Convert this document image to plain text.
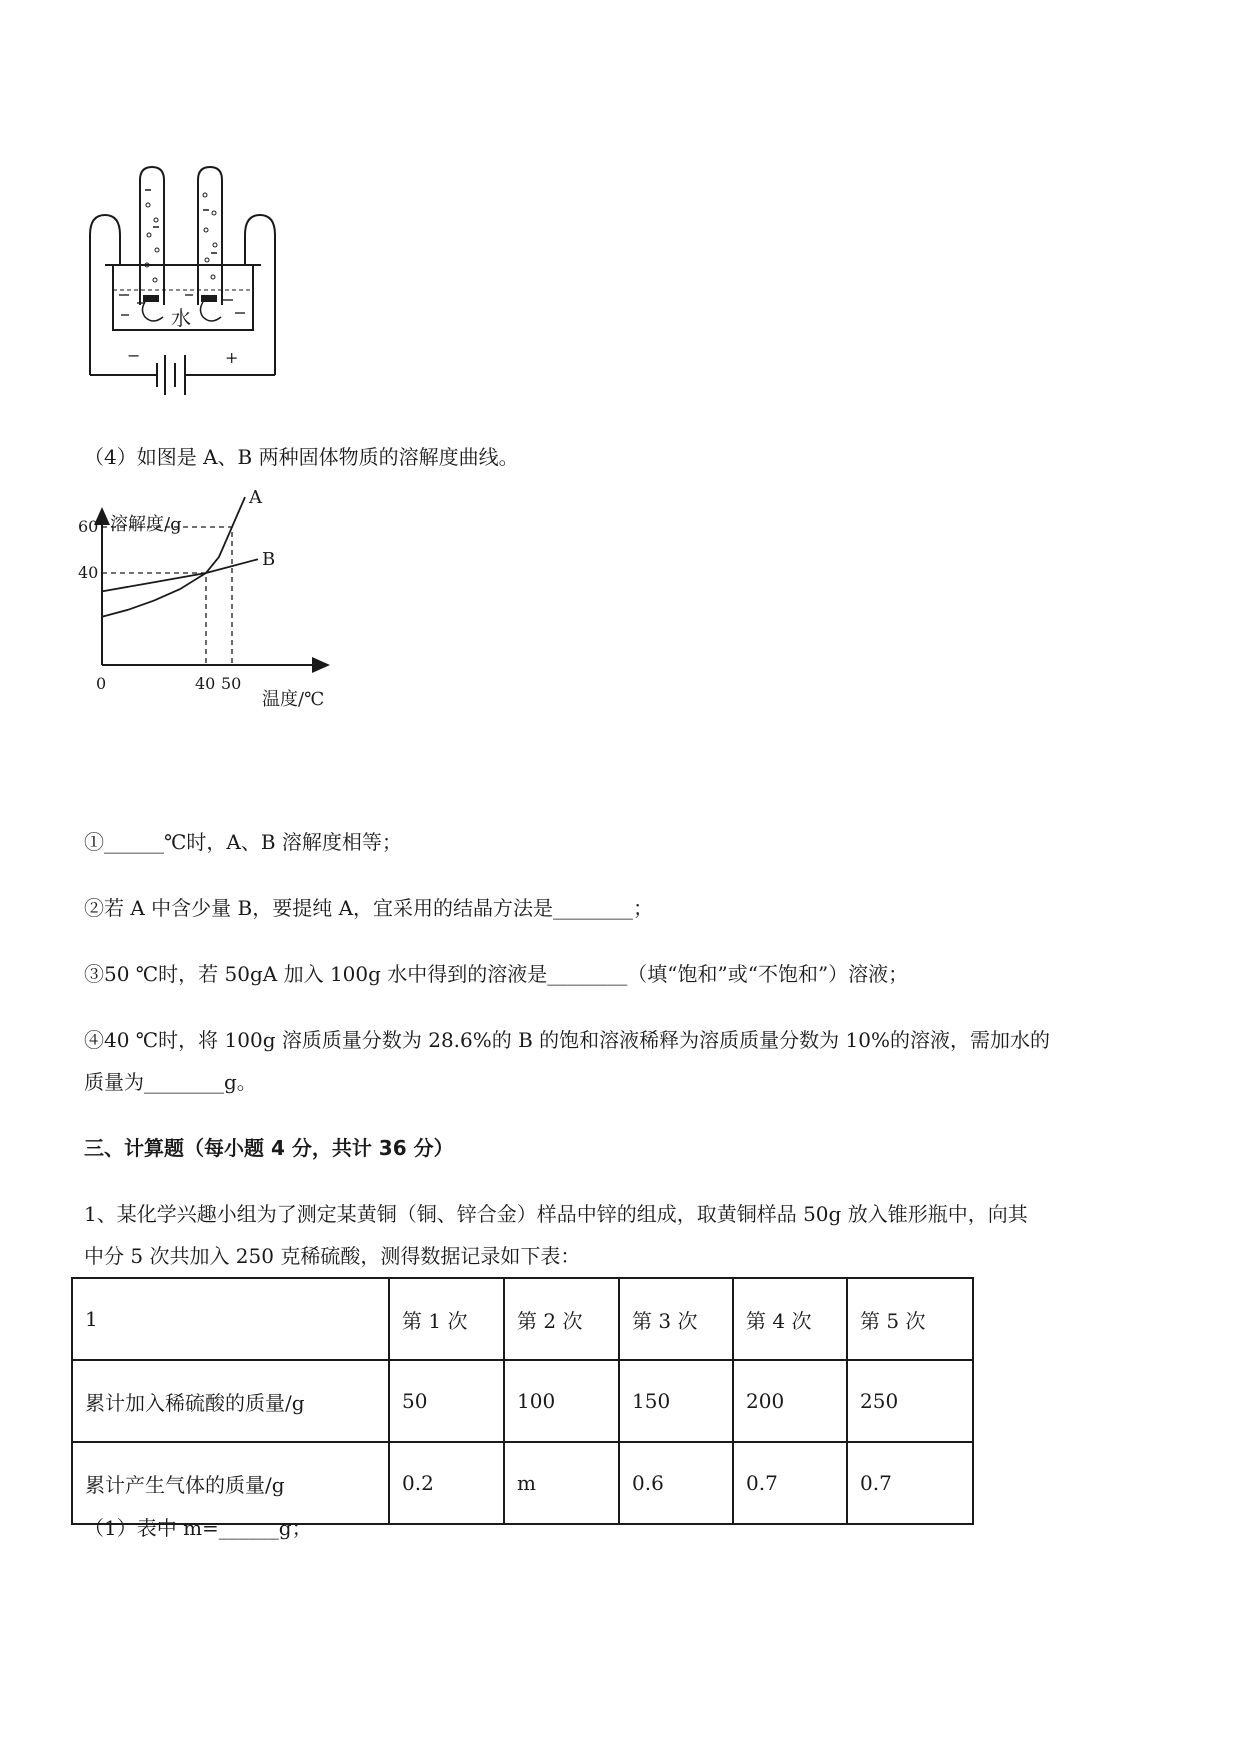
水
−	+
（4）如图是 A、B 两种固体物质的溶解度曲线。
A
B
溶解度/g
温度/℃
0	40 50
40
60
①______℃时，A、B 溶解度相等；
②若 A 中含少量 B，要提纯 A，宜采用的结晶方法是________；
③50 ℃时，若 50gA 加入 100g 水中得到的溶液是________（填“饱和”或“不饱和”）溶液；
④40 ℃时，将 100g 溶质质量分数为 28.6%的 B 的饱和溶液稀释为溶质质量分数为 10%的溶液，需加水的
质量为________g。
三、计算题（每小题 4 分，共计 36 分）
1、某化学兴趣小组为了测定某黄铜（铜、锌合金）样品中锌的组成，取黄铜样品 50g 放入锥形瓶中，向其
中分 5 次共加入 250 克稀硫酸，测得数据记录如下表：
1	第 1 次	第 2 次	第 3 次	第 4 次	第 5 次
累计加入稀硫酸的质量/g	50	100	150	200	250
累计产生气体的质量/g	0.2	m	0.6	0.7	0.7
（1）表中 m=______g；
